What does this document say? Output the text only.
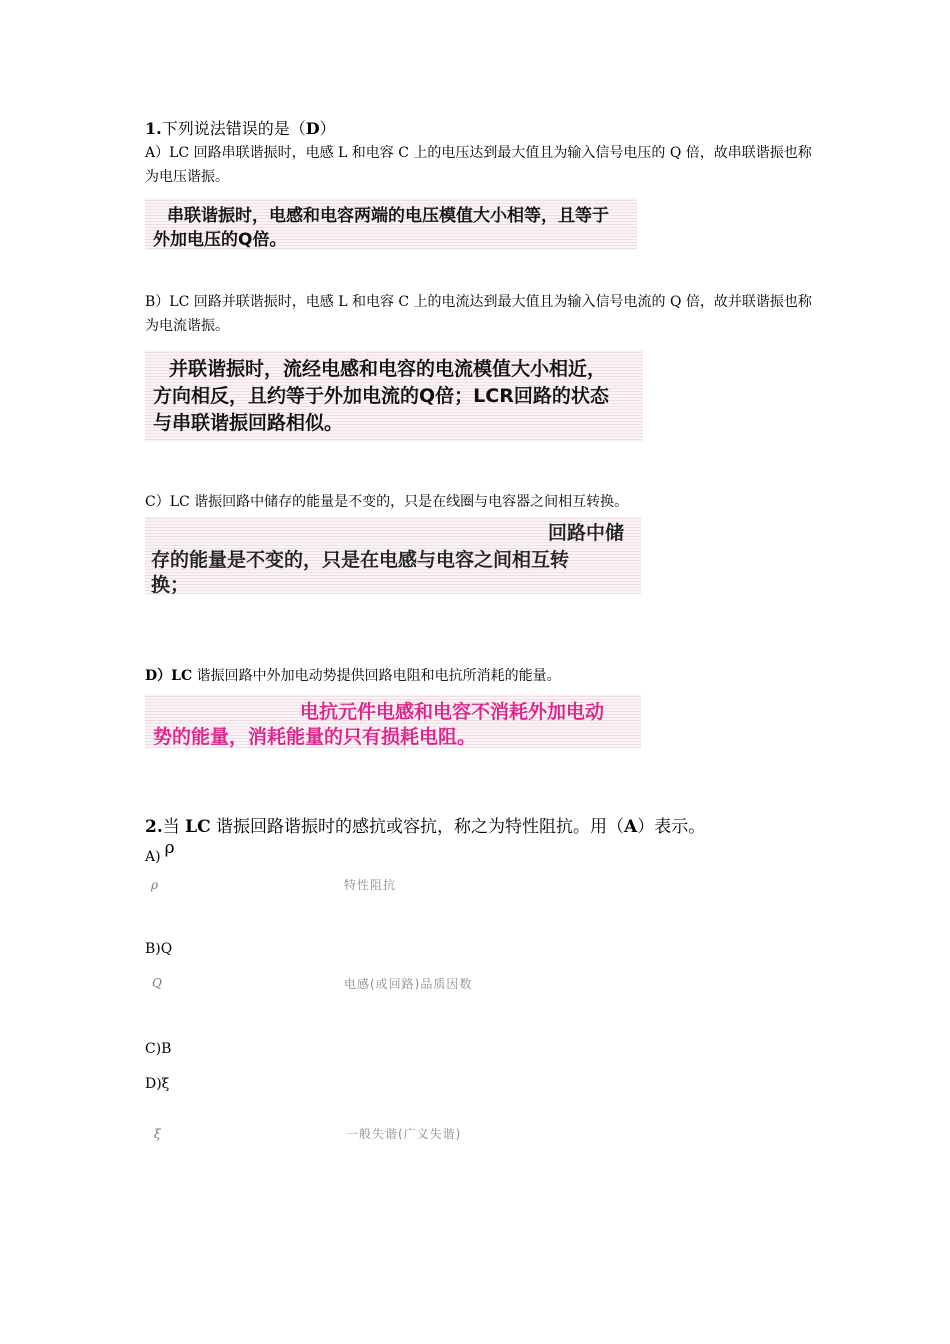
1.下列说法错误的是（D）
A）LC 回路串联谐振时，电感 L 和电容 C 上的电压达到最大值且为输入信号电压的 Q 倍，故串联谐振也称为电压谐振。
串联谐振时，电感和电容两端的电压模值大小相等，且等于
外加电压的Q倍。
B）LC 回路并联谐振时，电感 L 和电容 C 上的电流达到最大值且为输入信号电流的 Q 倍，故并联谐振也称为电流谐振。
并联谐振时，流经电感和电容的电流模值大小相近，
方向相反，且约等于外加电流的Q倍；LCR回路的状态
与串联谐振回路相似。
C）LC 谐振回路中储存的能量是不变的，只是在线圈与电容器之间相互转换。
回路中储
存的能量是不变的，只是在电感与电容之间相互转
换；
D）LC 谐振回路中外加电动势提供回路电阻和电抗所消耗的能量。
电抗元件电感和电容不消耗外加电动
势的能量，消耗能量的只有损耗电阻。
2.当 LC 谐振回路谐振时的感抗或容抗，称之为特性阻抗。用（A）表示。
A) ρ
ρ	特性阻抗
B)Q
Q	电感(或回路)品质因数
C)B
D)ξ
ξ	一般失谐(广义失谐)
